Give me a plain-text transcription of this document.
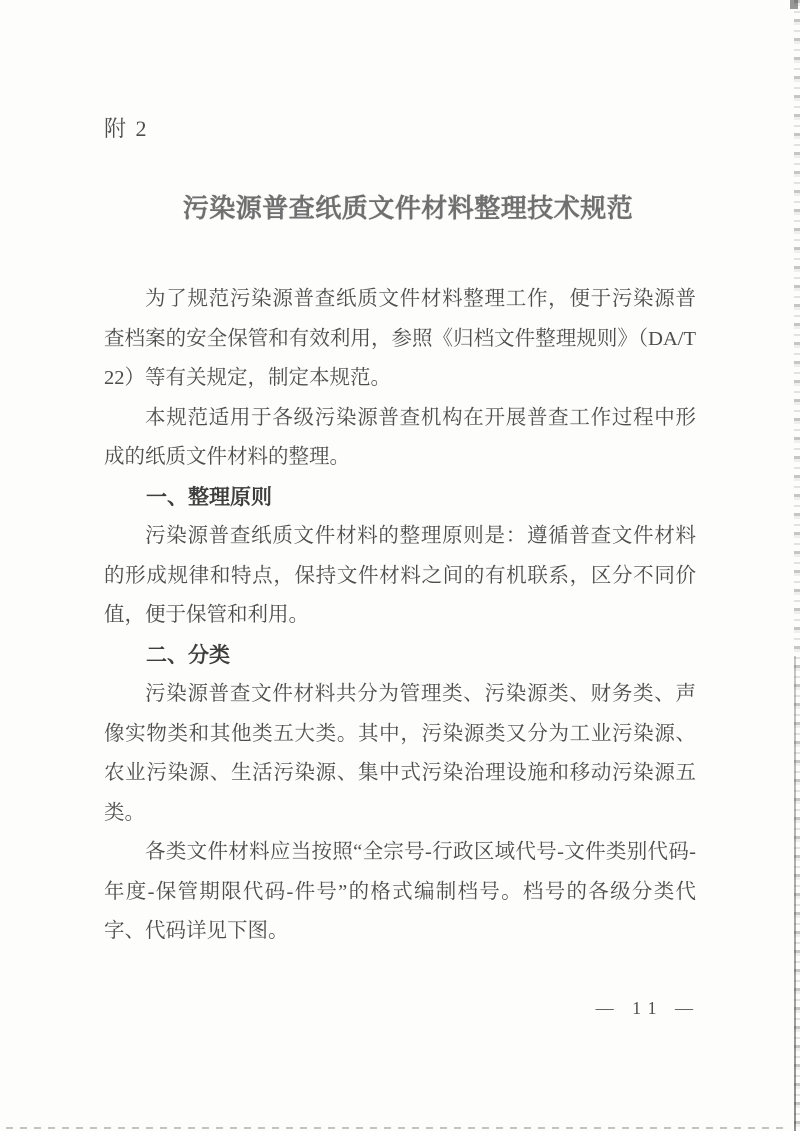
附 2
污染源普查纸质文件材料整理技术规范

为了规范污染源普查纸质文件材料整理工作，便于污染源普查档案的安全保管和有效利用，参照《归档文件整理规则》（DA/T 22）等有关规定，制定本规范。

本规范适用于各级污染源普查机构在开展普查工作过程中形成的纸质文件材料的整理。

一、整理原则

污染源普查纸质文件材料的整理原则是：遵循普查文件材料的形成规律和特点，保持文件材料之间的有机联系，区分不同价值，便于保管和利用。

二、分类

污染源普查文件材料共分为管理类、污染源类、财务类、声像实物类和其他类五大类。其中，污染源类又分为工业污染源、农业污染源、生活污染源、集中式污染治理设施和移动污染源五类。

各类文件材料应当按照“全宗号-行政区域代号-文件类别代码-年度-保管期限代码-件号”的格式编制档号。档号的各级分类代字、代码详见下图。

— 11 —
